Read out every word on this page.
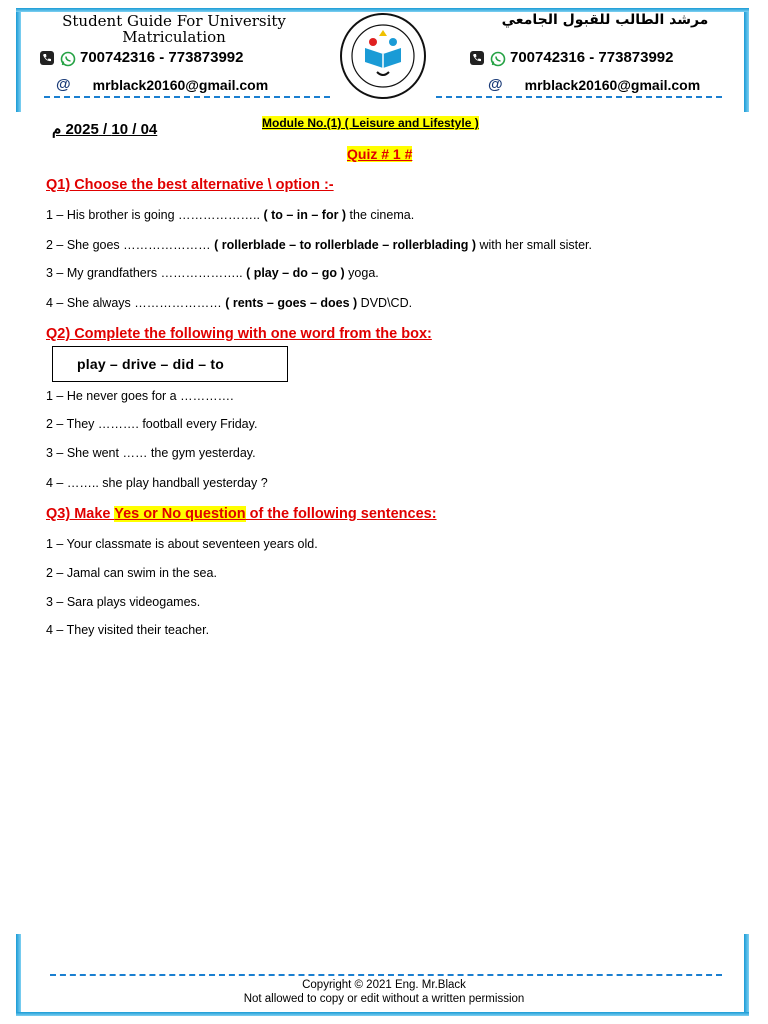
Student Guide For University
Matriculation
700742316 - 773873992
@ mrblack20160@gmail.com
مرشد الطالب للقبول الجامعي
700742316 - 773873992
@ mrblack20160@gmail.com
04 / 10 / 2025 م	Module No.(1) ( Leisure and Lifestyle )
Quiz # 1 #
Q1) Choose the best alternative \ option :-
1 – His brother is going ……………….. ( to – in – for ) the cinema.
2 – She goes ………………… ( rollerblade – to rollerblade – rollerblading ) with her small sister.
3 – My grandfathers ……………….. ( play – do – go ) yoga.
4 – She always ………………… ( rents – goes – does ) DVD\CD.
Q2) Complete the following with one word from the box:
play – drive – did – to
1 – He never goes for a ………….
2 – They ………. football every Friday.
3 – She went …… the gym yesterday.
4 – …….. she play handball yesterday ?
Q3) Make Yes or No question of the following sentences:
1 – Your classmate is about seventeen years old.
2 – Jamal can swim in the sea.
3 – Sara plays videogames.
4 – They visited their teacher.
Copyright © 2021 Eng. Mr.Black
Not allowed to copy or edit without a written permission
